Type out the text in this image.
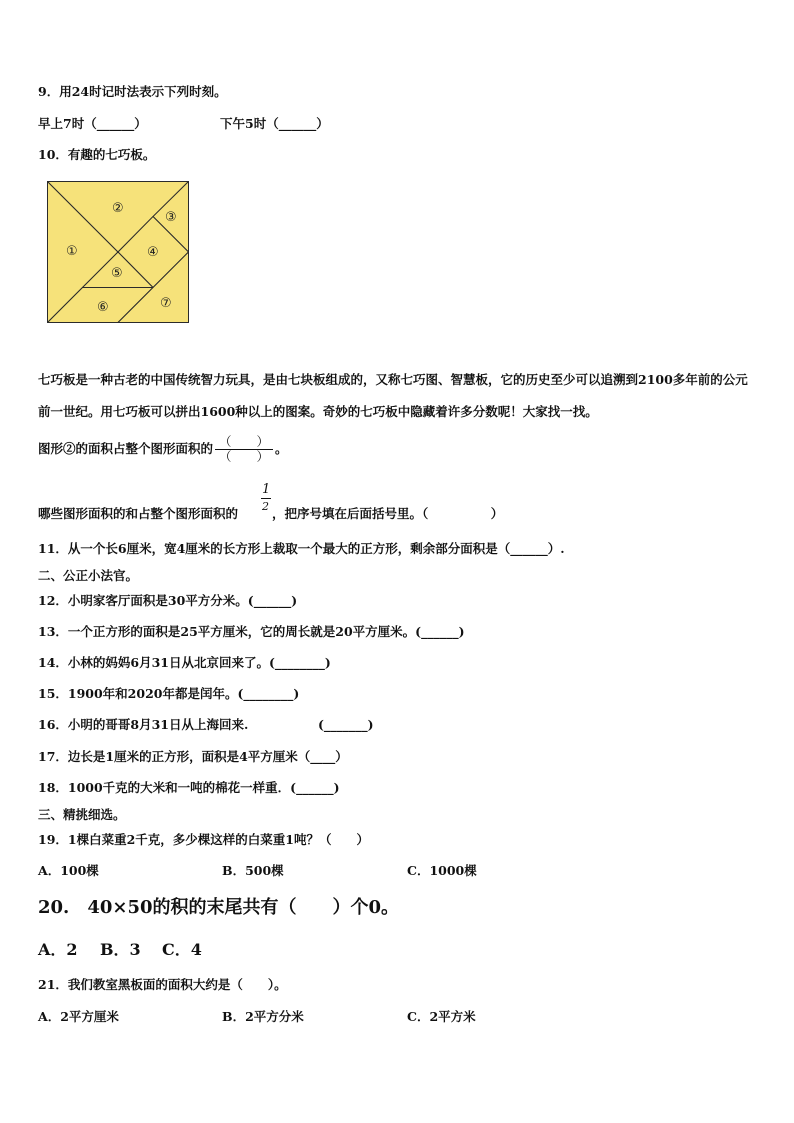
9．用24时记时法表示下列时刻。
早上7时（______）	下午5时（______）
10．有趣的七巧板。
①
②
③
④
⑤
⑥	⑦
七巧板是一种古老的中国传统智力玩具，是由七块板组成的，又称七巧图、智慧板，它的历史至少可以追溯到2100多年前的公元前一世纪。用七巧板可以拼出1600种以上的图案。奇妙的七巧板中隐藏着许多分数呢！大家找一找。
图形②的面积占整个图形面积的 $\frac{( )}{( )}$ 。
1
2
哪些图形面积的和占整个图形面积的	，把序号填在后面括号里。（　　　　　）
11．从一个长6厘米，宽4厘米的长方形上裁取一个最大的正方形，剩余部分面积是（______）.
二、公正小法官。
12．小明家客厅面积是30平方分米。(______)
13．一个正方形的面积是25平方厘米，它的周长就是20平方厘米。(______)
14．小林的妈妈6月31日从北京回来了。(________)
15．1900年和2020年都是闰年。(________)
16．小明的哥哥8月31日从上海回来.	(_______)
17．边长是1厘米的正方形，面积是4平方厘米（____）
18．1000千克的大米和一吨的棉花一样重．(______)
三、精挑细选。
19．1棵白菜重2千克，多少棵这样的白菜重1吨？（　　）
A．100棵	B．500棵	C．1000棵
20.　40×50的积的末尾共有（　　）个0。
A．2 B．3 C．4
21．我们教室黑板面的面积大约是（　　）。
A．2平方厘米	B．2平方分米	C．2平方米
